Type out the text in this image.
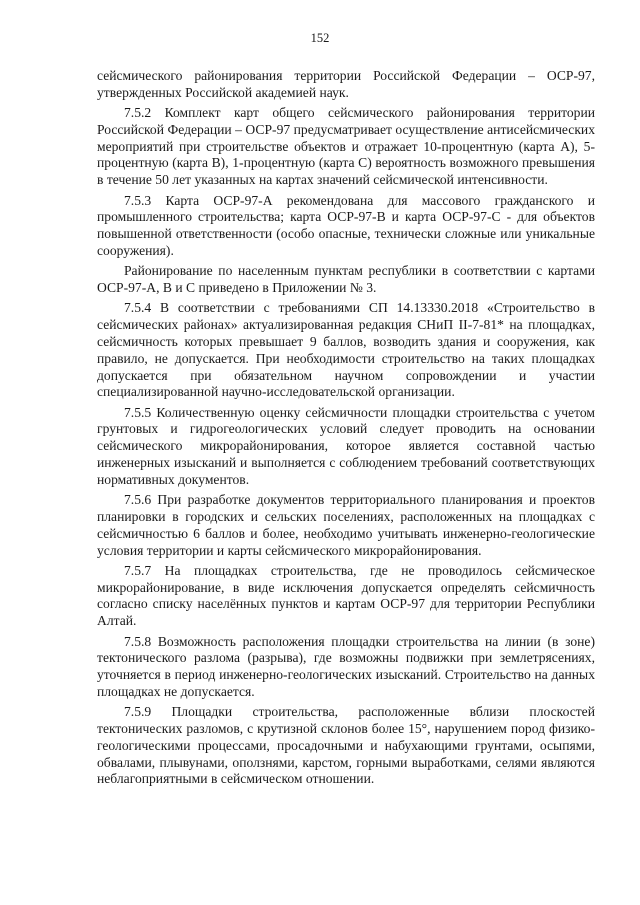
152

сейсмического районирования территории Российской Федерации – ОСР-97, утвержденных Российской академией наук.

7.5.2 Комплект карт общего сейсмического районирования территории Российской Федерации – ОСР-97 предусматривает осуществление антисейсмических мероприятий при строительстве объектов и отражает 10-процентную (карта А), 5-процентную (карта В), 1-процентную (карта С) вероятность возможного превышения в течение 50 лет указанных на картах значений сейсмической интенсивности.

7.5.3 Карта ОСР-97-А рекомендована для массового гражданского и промышленного строительства; карта ОСР-97-В и карта ОСР-97-С - для объектов повышенной ответственности (особо опасные, технически сложные или уникальные сооружения).

Районирование по населенным пунктам республики в соответствии с картами ОСР-97-А, В и С приведено в Приложении № 3.

7.5.4 В соответствии с требованиями СП 14.13330.2018 «Строительство в сейсмических районах» актуализированная редакция СНиП II-7-81* на площадках, сейсмичность которых превышает 9 баллов, возводить здания и сооружения, как правило, не допускается. При необходимости строительство на таких площадках допускается при обязательном научном сопровождении и участии специализированной научно-исследовательской организации.

7.5.5 Количественную оценку сейсмичности площадки строительства с учетом грунтовых и гидрогеологических условий следует проводить на основании сейсмического микрорайонирования, которое является составной частью инженерных изысканий и выполняется с соблюдением требований соответствующих нормативных документов.

7.5.6 При разработке документов территориального планирования и проектов планировки в городских и сельских поселениях, расположенных на площадках с сейсмичностью 6 баллов и более, необходимо учитывать инженерно-геологические условия территории и карты сейсмического микрорайонирования.

7.5.7 На площадках строительства, где не проводилось сейсмическое микрорайонирование, в виде исключения допускается определять сейсмичность согласно списку населённых пунктов и картам ОСР-97 для территории Республики Алтай.

7.5.8 Возможность расположения площадки строительства на линии (в зоне) тектонического разлома (разрыва), где возможны подвижки при землетрясениях, уточняется в период инженерно-геологических изысканий. Строительство на данных площадках не допускается.

7.5.9 Площадки строительства, расположенные вблизи плоскостей тектонических разломов, с крутизной склонов более 15°, нарушением пород физико-геологическими процессами, просадочными и набухающими грунтами, осыпями, обвалами, плывунами, оползнями, карстом, горными выработками, селями являются неблагоприятными в сейсмическом отношении.
